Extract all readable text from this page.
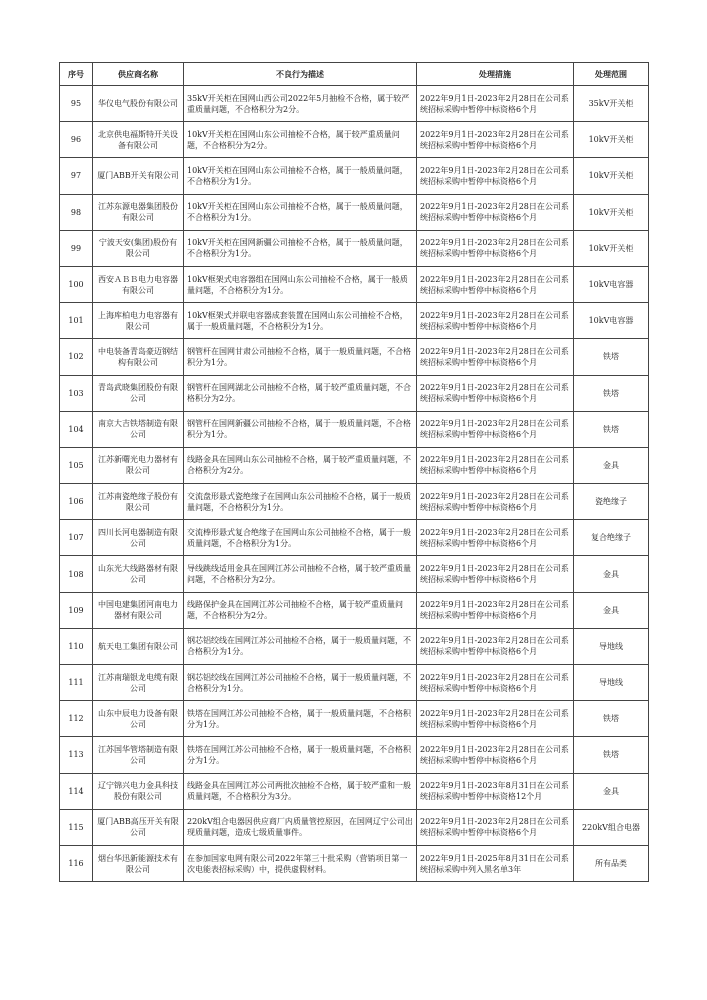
序号	供应商名称	不良行为描述	处理措施	处理范围
95	华仪电气股份有限公司	35kV开关柜在国网山西公司2022年5月抽检不合格，属于较严重质量问题，不合格积分为2分。	2022年9月1日-2023年2月28日在公司系统招标采购中暂停中标资格6个月	35kV开关柜
96	北京供电福斯特开关设备有限公司	10kV开关柜在国网山东公司抽检不合格，属于较严重质量问题，不合格积分为2分。	2022年9月1日-2023年2月28日在公司系统招标采购中暂停中标资格6个月	10kV开关柜
97	厦门ABB开关有限公司	10kV开关柜在国网山东公司抽检不合格，属于一般质量问题，不合格积分为1分。	2022年9月1日-2023年2月28日在公司系统招标采购中暂停中标资格6个月	10kV开关柜
98	江苏东源电器集团股份有限公司	10kV开关柜在国网山东公司抽检不合格，属于一般质量问题，不合格积分为1分。	2022年9月1日-2023年2月28日在公司系统招标采购中暂停中标资格6个月	10kV开关柜
99	宁波天安(集团)股份有限公司	10kV开关柜在国网新疆公司抽检不合格，属于一般质量问题，不合格积分为1分。	2022年9月1日-2023年2月28日在公司系统招标采购中暂停中标资格6个月	10kV开关柜
100	西安ＡＢＢ电力电容器有限公司	10kV框架式电容器组在国网山东公司抽检不合格，属于一般质量问题，不合格积分为1分。	2022年9月1日-2023年2月28日在公司系统招标采购中暂停中标资格6个月	10kV电容器
101	上海库柏电力电容器有限公司	10kV框架式并联电容器成套装置在国网山东公司抽检不合格，属于一般质量问题，不合格积分为1分。	2022年9月1日-2023年2月28日在公司系统招标采购中暂停中标资格6个月	10kV电容器
102	中电装备青岛豪迈钢结构有限公司	钢管杆在国网甘肃公司抽检不合格，属于一般质量问题，不合格积分为1分。	2022年9月1日-2023年2月28日在公司系统招标采购中暂停中标资格6个月	铁塔
103	青岛武晓集团股份有限公司	钢管杆在国网湖北公司抽检不合格，属于较严重质量问题，不合格积分为2分。	2022年9月1日-2023年2月28日在公司系统招标采购中暂停中标资格6个月	铁塔
104	南京大吉铁塔制造有限公司	钢管杆在国网新疆公司抽检不合格，属于一般质量问题，不合格积分为1分。	2022年9月1日-2023年2月28日在公司系统招标采购中暂停中标资格6个月	铁塔
105	江苏新曙光电力器材有限公司	线路金具在国网山东公司抽检不合格，属于较严重质量问题，不合格积分为2分。	2022年9月1日-2023年2月28日在公司系统招标采购中暂停中标资格6个月	金具
106	江苏南瓷绝缘子股份有限公司	交流盘形悬式瓷绝缘子在国网山东公司抽检不合格，属于一般质量问题，不合格积分为1分。	2022年9月1日-2023年2月28日在公司系统招标采购中暂停中标资格6个月	瓷绝缘子
107	四川长河电器制造有限公司	交流棒形悬式复合绝缘子在国网山东公司抽检不合格，属于一般质量问题，不合格积分为1分。	2022年9月1日-2023年2月28日在公司系统招标采购中暂停中标资格6个月	复合绝缘子
108	山东光大线路器材有限公司	导线跳线适用金具在国网江苏公司抽检不合格，属于较严重质量问题，不合格积分为2分。	2022年9月1日-2023年2月28日在公司系统招标采购中暂停中标资格6个月	金具
109	中国电建集团河南电力器材有限公司	线路保护金具在国网江苏公司抽检不合格，属于较严重质量问题，不合格积分为2分。	2022年9月1日-2023年2月28日在公司系统招标采购中暂停中标资格6个月	金具
110	航天电工集团有限公司	钢芯铝绞线在国网江苏公司抽检不合格，属于一般质量问题，不合格积分为1分。	2022年9月1日-2023年2月28日在公司系统招标采购中暂停中标资格6个月	导地线
111	江苏南瑞银龙电缆有限公司	钢芯铝绞线在国网江苏公司抽检不合格，属于一般质量问题，不合格积分为1分。	2022年9月1日-2023年2月28日在公司系统招标采购中暂停中标资格6个月	导地线
112	山东中辰电力设备有限公司	铁塔在国网江苏公司抽检不合格，属于一般质量问题，不合格积分为1分。	2022年9月1日-2023年2月28日在公司系统招标采购中暂停中标资格6个月	铁塔
113	江苏国华管塔制造有限公司	铁塔在国网江苏公司抽检不合格，属于一般质量问题，不合格积分为1分。	2022年9月1日-2023年2月28日在公司系统招标采购中暂停中标资格6个月	铁塔
114	辽宁锦兴电力金具科技股份有限公司	线路金具在国网江苏公司两批次抽检不合格，属于较严重和一般质量问题，不合格积分为3分。	2022年9月1日-2023年8月31日在公司系统招标采购中暂停中标资格12个月	金具
115	厦门ABB高压开关有限公司	220kV组合电器因供应商厂内质量管控原因，在国网辽宁公司出现质量问题，造成七级质量事件。	2022年9月1日-2023年2月28日在公司系统招标采购中暂停中标资格6个月	220kV组合电器
116	烟台华迅新能源技术有限公司	在参加国家电网有限公司2022年第三十批采购（营销项目第一次电能表招标采购）中，提供虚假材料。	2022年9月1日-2025年8月31日在公司系统招标采购中列入黑名单3年	所有品类
